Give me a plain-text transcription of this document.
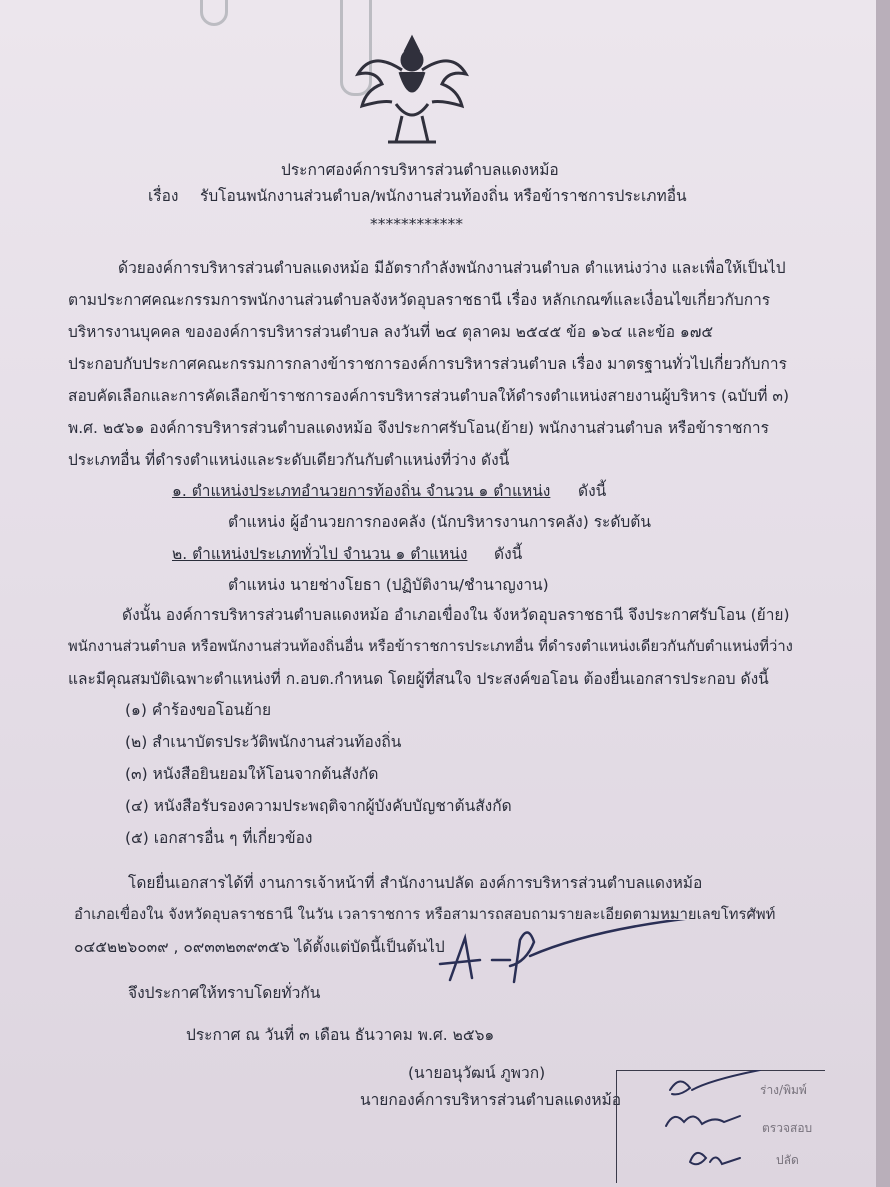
ประกาศองค์การบริหารส่วนตำบลแดงหม้อ
เรื่อง รับโอนพนักงานส่วนตำบล/พนักงานส่วนท้องถิ่น หรือข้าราชการประเภทอื่น
************
ด้วยองค์การบริหารส่วนตำบลแดงหม้อ มีอัตรากำลังพนักงานส่วนตำบล ตำแหน่งว่าง และเพื่อให้เป็นไป
ตามประกาศคณะกรรมการพนักงานส่วนตำบลจังหวัดอุบลราชธานี เรื่อง หลักเกณฑ์และเงื่อนไขเกี่ยวกับการ
บริหารงานบุคคล ขององค์การบริหารส่วนตำบล ลงวันที่ ๒๔ ตุลาคม ๒๕๔๕ ข้อ ๑๖๔ และข้อ ๑๗๕
ประกอบกับประกาศคณะกรรมการกลางข้าราชการองค์การบริหารส่วนตำบล เรื่อง มาตรฐานทั่วไปเกี่ยวกับการ
สอบคัดเลือกและการคัดเลือกข้าราชการองค์การบริหารส่วนตำบลให้ดำรงตำแหน่งสายงานผู้บริหาร (ฉบับที่ ๓)
พ.ศ. ๒๕๖๑ องค์การบริหารส่วนตำบลแดงหม้อ จึงประกาศรับโอน(ย้าย) พนักงานส่วนตำบล หรือข้าราชการ
ประเภทอื่น ที่ดำรงตำแหน่งและระดับเดียวกันกับตำแหน่งที่ว่าง ดังนี้
๑. ตำแหน่งประเภทอำนวยการท้องถิ่น จำนวน ๑ ตำแหน่ง ดังนี้
ตำแหน่ง ผู้อำนวยการกองคลัง (นักบริหารงานการคลัง) ระดับต้น
๒. ตำแหน่งประเภททั่วไป จำนวน ๑ ตำแหน่ง ดังนี้
ตำแหน่ง นายช่างโยธา (ปฏิบัติงาน/ชำนาญงาน)
ดังนั้น องค์การบริหารส่วนตำบลแดงหม้อ อำเภอเขื่องใน จังหวัดอุบลราชธานี จึงประกาศรับโอน (ย้าย)
พนักงานส่วนตำบล หรือพนักงานส่วนท้องถิ่นอื่น หรือข้าราชการประเภทอื่น ที่ดำรงตำแหน่งเดียวกันกับตำแหน่งที่ว่าง
และมีคุณสมบัติเฉพาะตำแหน่งที่ ก.อบต.กำหนด โดยผู้ที่สนใจ ประสงค์ขอโอน ต้องยื่นเอกสารประกอบ ดังนี้
(๑) คำร้องขอโอนย้าย
(๒) สำเนาบัตรประวัติพนักงานส่วนท้องถิ่น
(๓) หนังสือยินยอมให้โอนจากต้นสังกัด
(๔) หนังสือรับรองความประพฤติจากผู้บังคับบัญชาต้นสังกัด
(๕) เอกสารอื่น ๆ ที่เกี่ยวข้อง
โดยยื่นเอกสารได้ที่ งานการเจ้าหน้าที่ สำนักงานปลัด องค์การบริหารส่วนตำบลแดงหม้อ
อำเภอเขื่องใน จังหวัดอุบลราชธานี ในวัน เวลาราชการ หรือสามารถสอบถามรายละเอียดตามหมายเลขโทรศัพท์
๐๔๕๒๒๖๐๓๙ , ๐๙๓๓๒๓๙๓๕๖ ได้ตั้งแต่บัดนี้เป็นต้นไป
จึงประกาศให้ทราบโดยทั่วกัน
ประกาศ ณ วันที่ ๓ เดือน ธันวาคม พ.ศ. ๒๕๖๑
(นายอนุวัฒน์ ภูพวก)
นายกองค์การบริหารส่วนตำบลแดงหม้อ
ร่าง/พิมพ์
ตรวจสอบ
ปลัด
